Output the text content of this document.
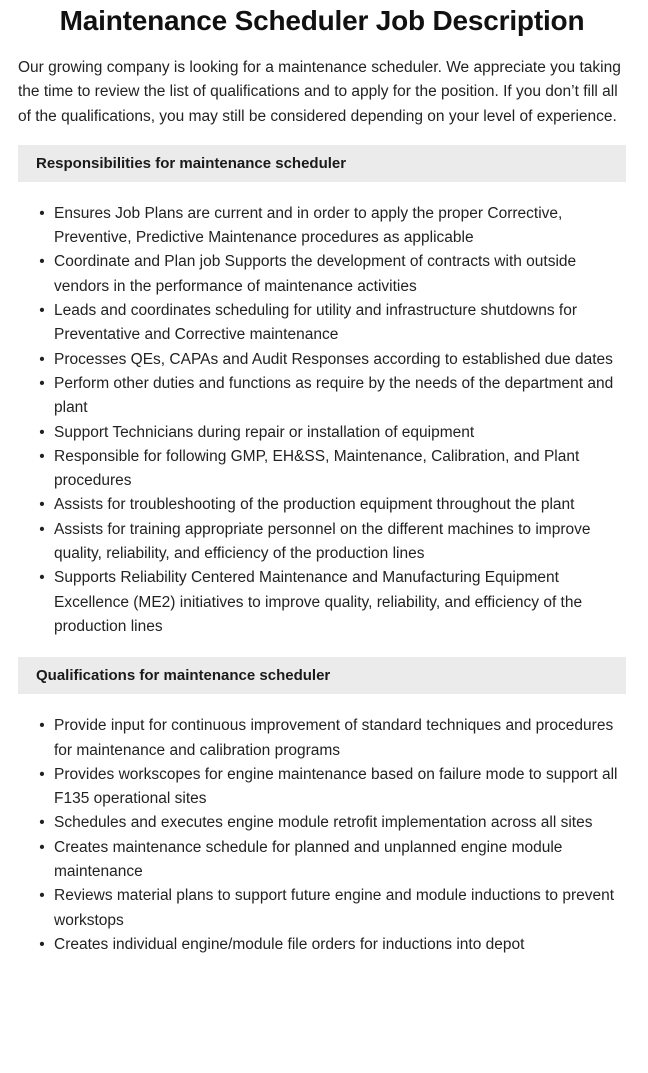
Maintenance Scheduler Job Description

Our growing company is looking for a maintenance scheduler. We appreciate you taking the time to review the list of qualifications and to apply for the position. If you don’t fill all of the qualifications, you may still be considered depending on your level of experience.

Responsibilities for maintenance scheduler
• Ensures Job Plans are current and in order to apply the proper Corrective, Preventive, Predictive Maintenance procedures as applicable
• Coordinate and Plan job Supports the development of contracts with outside vendors in the performance of maintenance activities
• Leads and coordinates scheduling for utility and infrastructure shutdowns for Preventative and Corrective maintenance
• Processes QEs, CAPAs and Audit Responses according to established due dates
• Perform other duties and functions as require by the needs of the department and plant
• Support Technicians during repair or installation of equipment
• Responsible for following GMP, EH&SS, Maintenance, Calibration, and Plant procedures
• Assists for troubleshooting of the production equipment throughout the plant
• Assists for training appropriate personnel on the different machines to improve quality, reliability, and efficiency of the production lines
• Supports Reliability Centered Maintenance and Manufacturing Equipment Excellence (ME2) initiatives to improve quality, reliability, and efficiency of the production lines
Qualifications for maintenance scheduler
• Provide input for continuous improvement of standard techniques and procedures for maintenance and calibration programs
• Provides workscopes for engine maintenance based on failure mode to support all F135 operational sites
• Schedules and executes engine module retrofit implementation across all sites
• Creates maintenance schedule for planned and unplanned engine module maintenance
• Reviews material plans to support future engine and module inductions to prevent workstops
• Creates individual engine/module file orders for inductions into depot
